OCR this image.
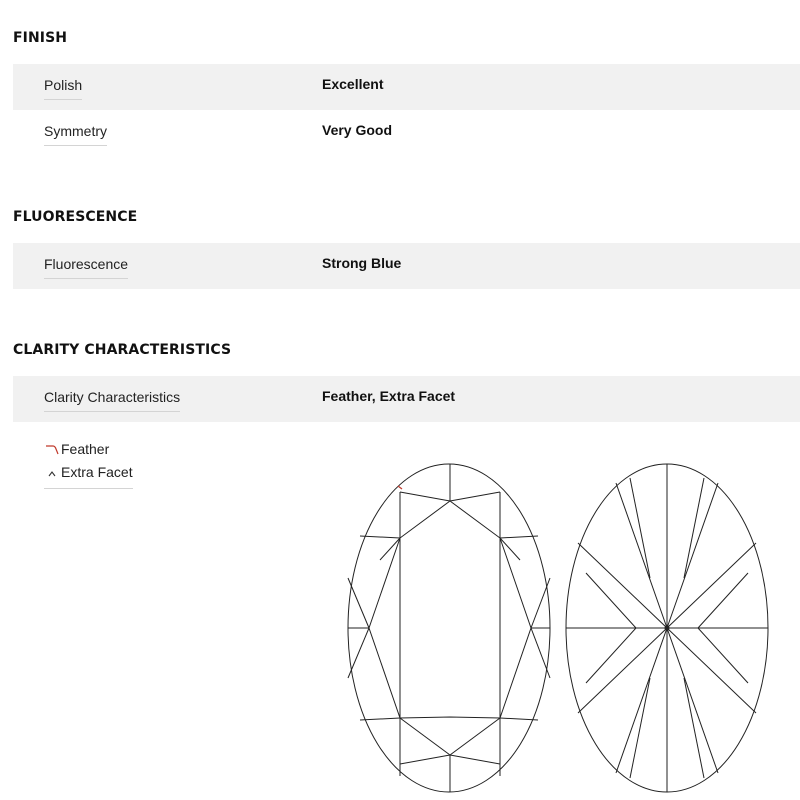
FINISH
Polish	Excellent
Symmetry	Very Good
FLUORESCENCE
Fluorescence	Strong Blue
CLARITY CHARACTERISTICS
Clarity Characteristics	Feather, Extra Facet
Feather
Extra Facet
